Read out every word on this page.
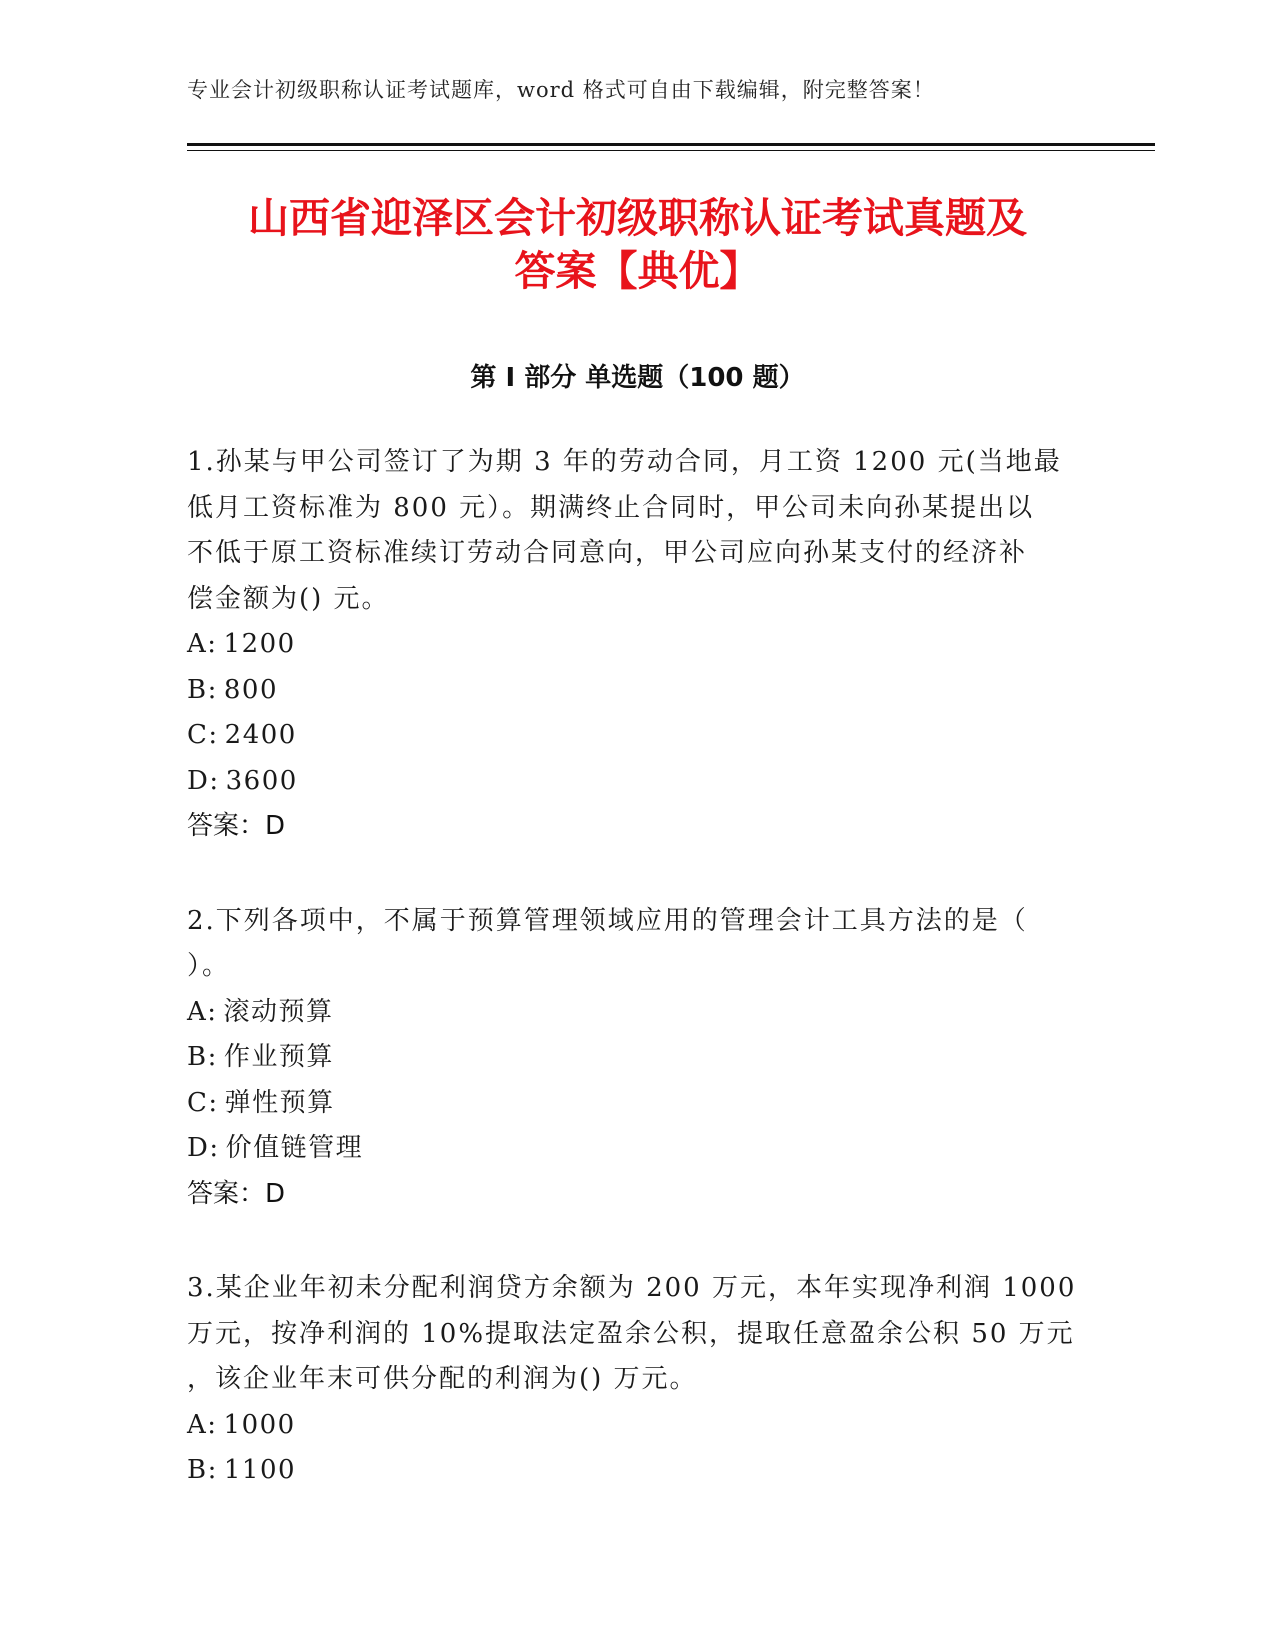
专业会计初级职称认证考试题库，word 格式可自由下载编辑，附完整答案！
山西省迎泽区会计初级职称认证考试真题及
答案【典优】
第 I 部分 单选题（100 题）
1.孙某与甲公司签订了为期 3 年的劳动合同，月工资 1200 元(当地最
低月工资标准为 800 元）。期满终止合同时，甲公司未向孙某提出以
不低于原工资标准续订劳动合同意向，甲公司应向孙某支付的经济补
偿金额为() 元。
A: 1200
B: 800
C: 2400
D: 3600
答案：D
2.下列各项中，不属于预算管理领域应用的管理会计工具方法的是（
）。
A: 滚动预算
B: 作业预算
C: 弹性预算
D: 价值链管理
答案：D
3.某企业年初未分配利润贷方余额为 200 万元，本年实现净利润 1000
万元，按净利润的 10%提取法定盈余公积，提取任意盈余公积 50 万元
，该企业年末可供分配的利润为() 万元。
A: 1000
B: 1100
